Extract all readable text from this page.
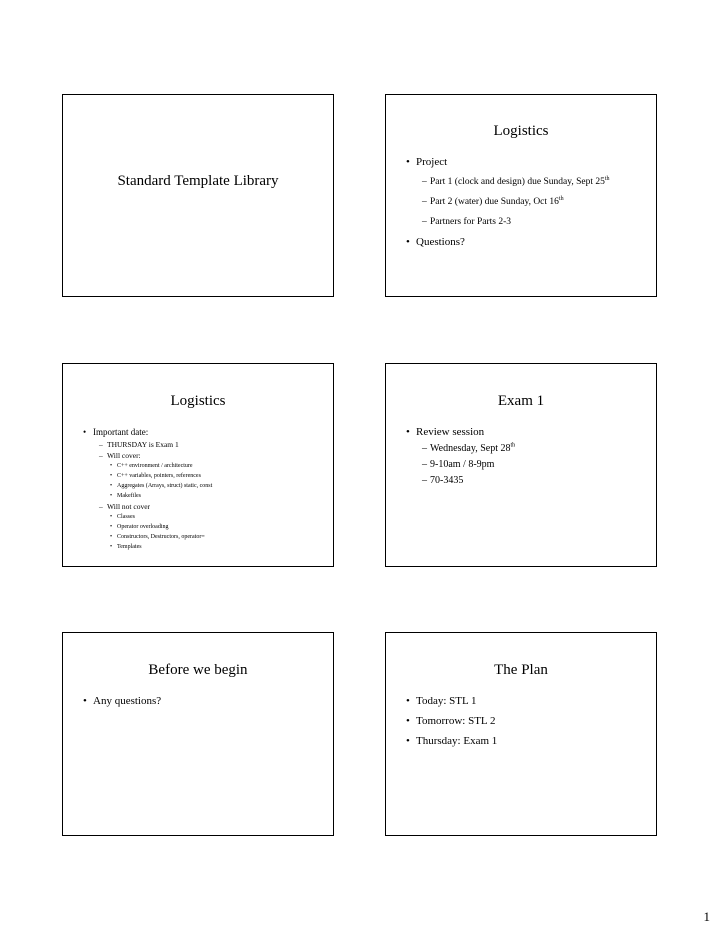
Standard Template Library
Logistics
• Project
– Part 1 (clock and design) due Sunday, Sept 25th
– Part 2 (water) due Sunday, Oct 16th
– Partners for Parts 2-3
• Questions?
Logistics
• Important date:
– THURSDAY is Exam 1
– Will cover:
• C++ environment / architecture
• C++ variables, pointers, references
• Aggregates (Arrays, struct) static, const
• Makefiles
– Will not cover
• Classes
• Operator overloading
• Constructors, Destructors, operator=
• Templates
Exam 1
• Review session
– Wednesday, Sept 28th
– 9-10am / 8-9pm
– 70-3435
Before we begin
• Any questions?
The Plan
• Today: STL 1
• Tomorrow: STL 2
• Thursday: Exam 1
1
